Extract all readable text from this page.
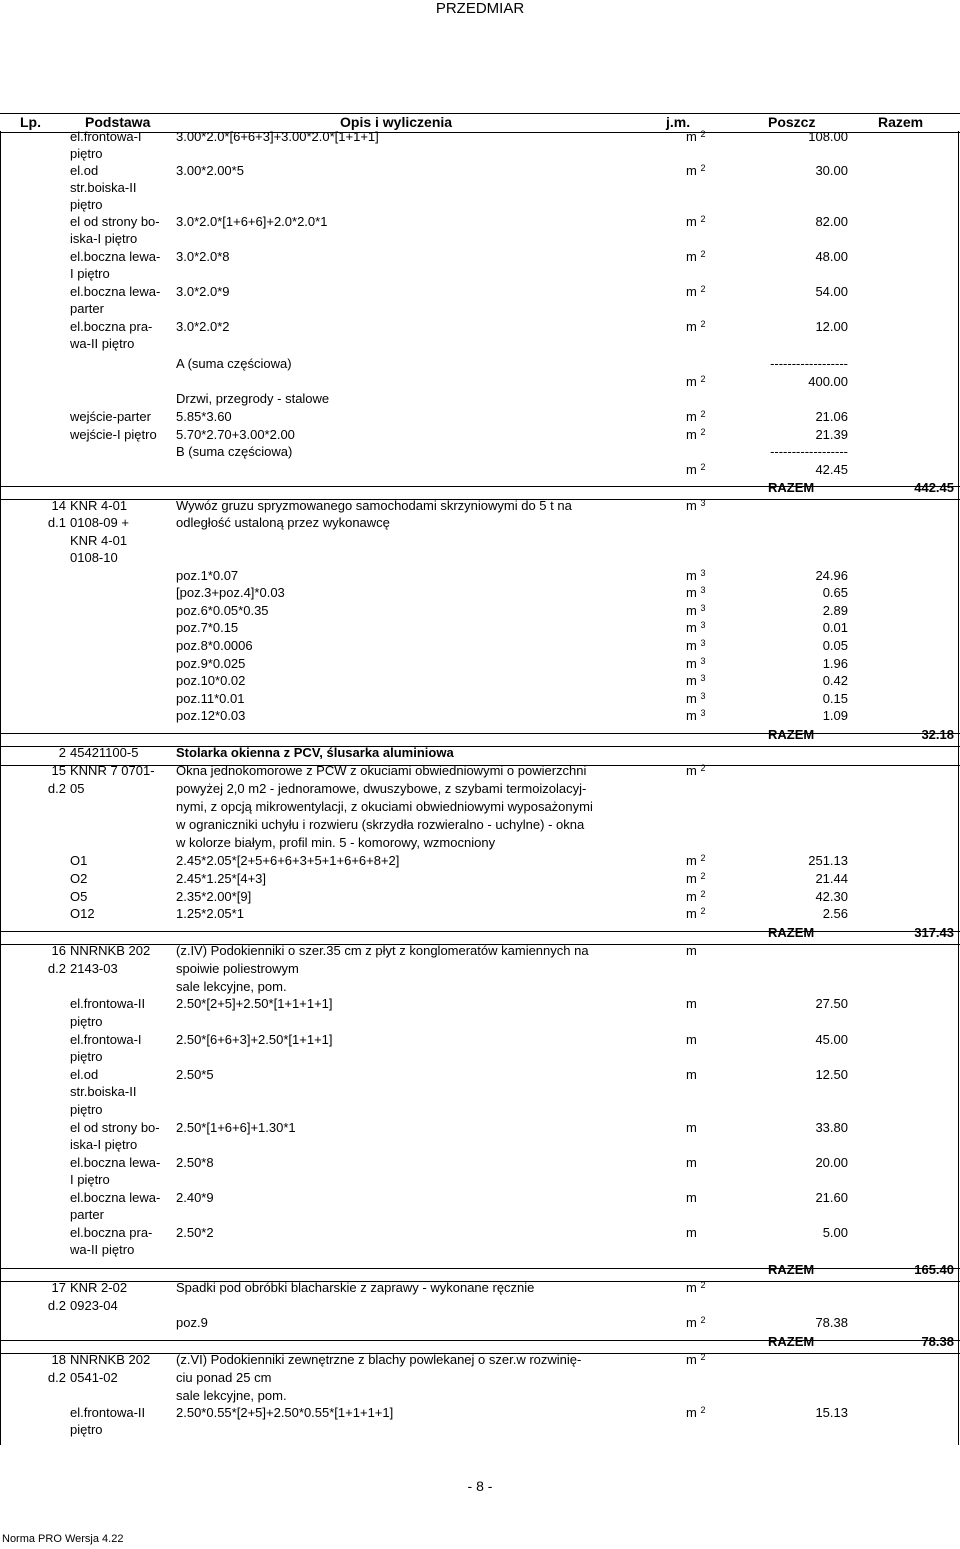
PRZEDMIAR
Lp.	Podstawa	Opis i wyliczenia	j.m.	Poszcz	Razem
el.frontowa-I	3.00*2.0*[6+6+3]+3.00*2.0*[1+1+1]	m $^2$	108.00
piętro
el.od	3.00*2.00*5	m $^2$	30.00
str.boiska-II
piętro
el od strony bo-	3.0*2.0*[1+6+6]+2.0*2.0*1	m $^2$	82.00
iska-I piętro
el.boczna lewa-	3.0*2.0*8	m $^2$	48.00
I piętro
el.boczna lewa-	3.0*2.0*9	m $^2$	54.00
parter
el.boczna pra-	3.0*2.0*2	m $^2$	12.00
wa-II piętro
A (suma częściowa)	------------------
m $^2$	400.00
Drzwi, przegrody - stalowe
wejście-parter	5.85*3.60	m $^2$	21.06
wejście-I piętro	5.70*2.70+3.00*2.00	m $^2$	21.39
B (suma częściowa)	------------------
m $^2$	42.45
RAZEM	442.45
14 KNR 4-01	Wywóz gruzu spryzmowanego samochodami skrzyniowymi do 5 t na	m $^3$
d.1 0108-09 +	odległość ustaloną przez wykonawcę
KNR 4-01
0108-10
poz.1*0.07	m $^3$	24.96
[poz.3+poz.4]*0.03	m $^3$	0.65
poz.6*0.05*0.35	m $^3$	2.89
poz.7*0.15	m $^3$	0.01
poz.8*0.0006	m $^3$	0.05
poz.9*0.025	m $^3$	1.96
poz.10*0.02	m $^3$	0.42
poz.11*0.01	m $^3$	0.15
poz.12*0.03	m $^3$	1.09
RAZEM	32.18
2 45421100-5	Stolarka okienna z PCV, ślusarka aluminiowa
15 KNNR 7 0701-	Okna jednokomorowe z PCW z okuciami obwiedniowymi o powierzchni	m $^2$
d.2 05	powyżej 2,0 m2 - jednoramowe, dwuszybowe, z szybami termoizolacyj-
nymi, z opcją mikrowentylacji, z okuciami obwiedniowymi wyposażonymi
w ograniczniki uchyłu i rozwieru (skrzydła rozwieralno - uchylne) - okna
w kolorze białym, profil min. 5 - komorowy, wzmocniony
O1	2.45*2.05*[2+5+6+6+3+5+1+6+6+8+2]	m $^2$	251.13
O2	2.45*1.25*[4+3]	m $^2$	21.44
O5	2.35*2.00*[9]	m $^2$	42.30
O12	1.25*2.05*1	m $^2$	2.56
RAZEM	317.43
16 NNRNKB 202	(z.IV) Podokienniki o szer.35 cm z płyt z konglomeratów kamiennych na	m
d.2 2143-03	spoiwie poliestrowym
sale lekcyjne, pom.
el.frontowa-II	2.50*[2+5]+2.50*[1+1+1+1]	m	27.50
piętro
el.frontowa-I	2.50*[6+6+3]+2.50*[1+1+1]	m	45.00
piętro
el.od	2.50*5	m	12.50
str.boiska-II
piętro
el od strony bo-	2.50*[1+6+6]+1.30*1	m	33.80
iska-I piętro
el.boczna lewa-	2.50*8	m	20.00
I piętro
el.boczna lewa-	2.40*9	m	21.60
parter
el.boczna pra-	2.50*2	m	5.00
wa-II piętro
RAZEM	165.40
17 KNR 2-02	Spadki pod obróbki blacharskie z zaprawy - wykonane ręcznie	m $^2$
d.2 0923-04
poz.9	m $^2$	78.38
RAZEM	78.38
18 NNRNKB 202	(z.VI) Podokienniki zewnętrzne z blachy powlekanej o szer.w rozwinię-	m $^2$
d.2 0541-02	ciu ponad 25 cm
sale lekcyjne, pom.
el.frontowa-II	2.50*0.55*[2+5]+2.50*0.55*[1+1+1+1]	m $^2$	15.13
piętro
- 8 -
Norma PRO Wersja 4.22
